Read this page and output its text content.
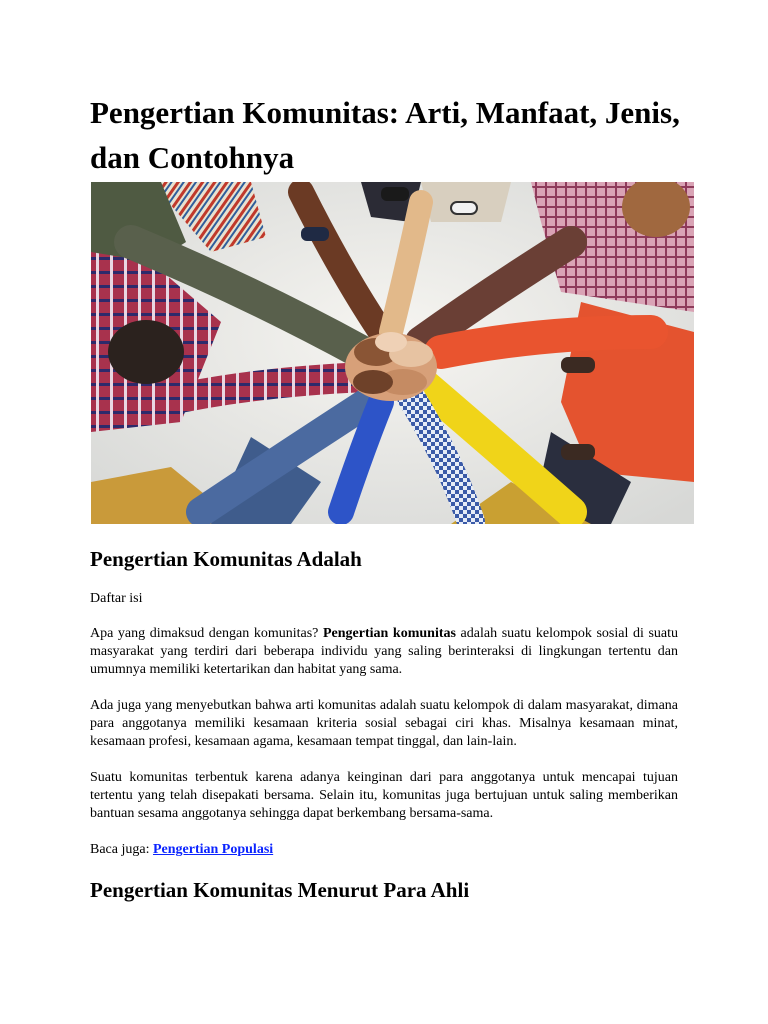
Pengertian Komunitas: Arti, Manfaat, Jenis, dan Contohnya
Pengertian Komunitas Adalah

Daftar isi

Apa yang dimaksud dengan komunitas? Pengertian komunitas adalah suatu kelompok sosial di suatu masyarakat yang terdiri dari beberapa individu yang saling berinteraksi di lingkungan tertentu dan umumnya memiliki ketertarikan dan habitat yang sama.

Ada juga yang menyebutkan bahwa arti komunitas adalah suatu kelompok di dalam masyarakat, dimana para anggotanya memiliki kesamaan kriteria sosial sebagai ciri khas. Misalnya kesamaan minat, kesamaan profesi, kesamaan agama, kesamaan tempat tinggal, dan lain-lain.

Suatu komunitas terbentuk karena adanya keinginan dari para anggotanya untuk mencapai tujuan tertentu yang telah disepakati bersama. Selain itu, komunitas juga bertujuan untuk saling memberikan bantuan sesama anggotanya sehingga dapat berkembang bersama-sama.

Baca juga: Pengertian Populasi

Pengertian Komunitas Menurut Para Ahli
